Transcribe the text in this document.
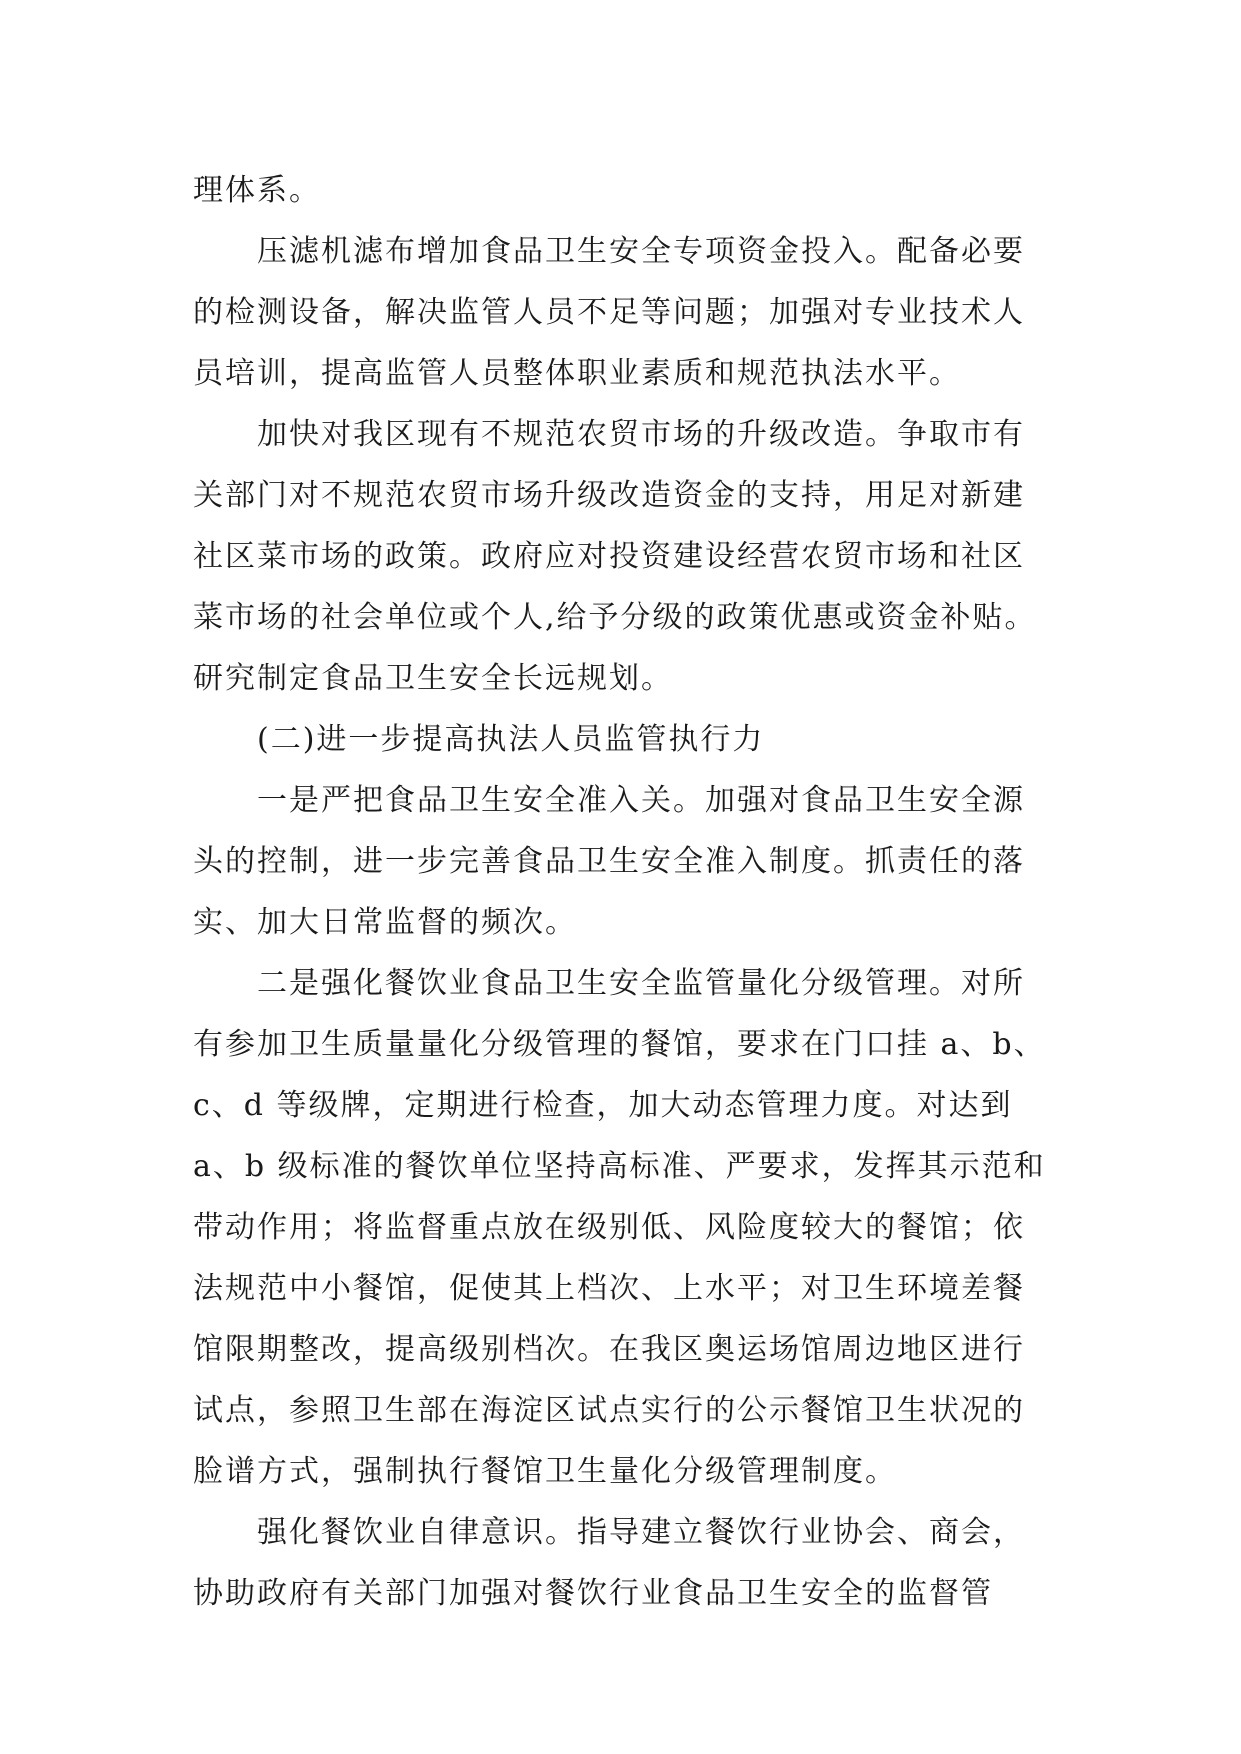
理体系。
压滤机滤布增加食品卫生安全专项资金投入。配备必要
的检测设备，解决监管人员不足等问题；加强对专业技术人
员培训，提高监管人员整体职业素质和规范执法水平。
加快对我区现有不规范农贸市场的升级改造。争取市有
关部门对不规范农贸市场升级改造资金的支持，用足对新建
社区菜市场的政策。政府应对投资建设经营农贸市场和社区
菜市场的社会单位或个人,给予分级的政策优惠或资金补贴。
研究制定食品卫生安全长远规划。
(二)进一步提高执法人员监管执行力
一是严把食品卫生安全准入关。加强对食品卫生安全源
头的控制，进一步完善食品卫生安全准入制度。抓责任的落
实、加大日常监督的频次。
二是强化餐饮业食品卫生安全监管量化分级管理。对所
有参加卫生质量量化分级管理的餐馆，要求在门口挂 a、b、
c、d 等级牌，定期进行检查，加大动态管理力度。对达到
a、b 级标准的餐饮单位坚持高标准、严要求，发挥其示范和
带动作用；将监督重点放在级别低、风险度较大的餐馆；依
法规范中小餐馆，促使其上档次、上水平；对卫生环境差餐
馆限期整改，提高级别档次。在我区奥运场馆周边地区进行
试点，参照卫生部在海淀区试点实行的公示餐馆卫生状况的
脸谱方式，强制执行餐馆卫生量化分级管理制度。
强化餐饮业自律意识。指导建立餐饮行业协会、商会，
协助政府有关部门加强对餐饮行业食品卫生安全的监督管
